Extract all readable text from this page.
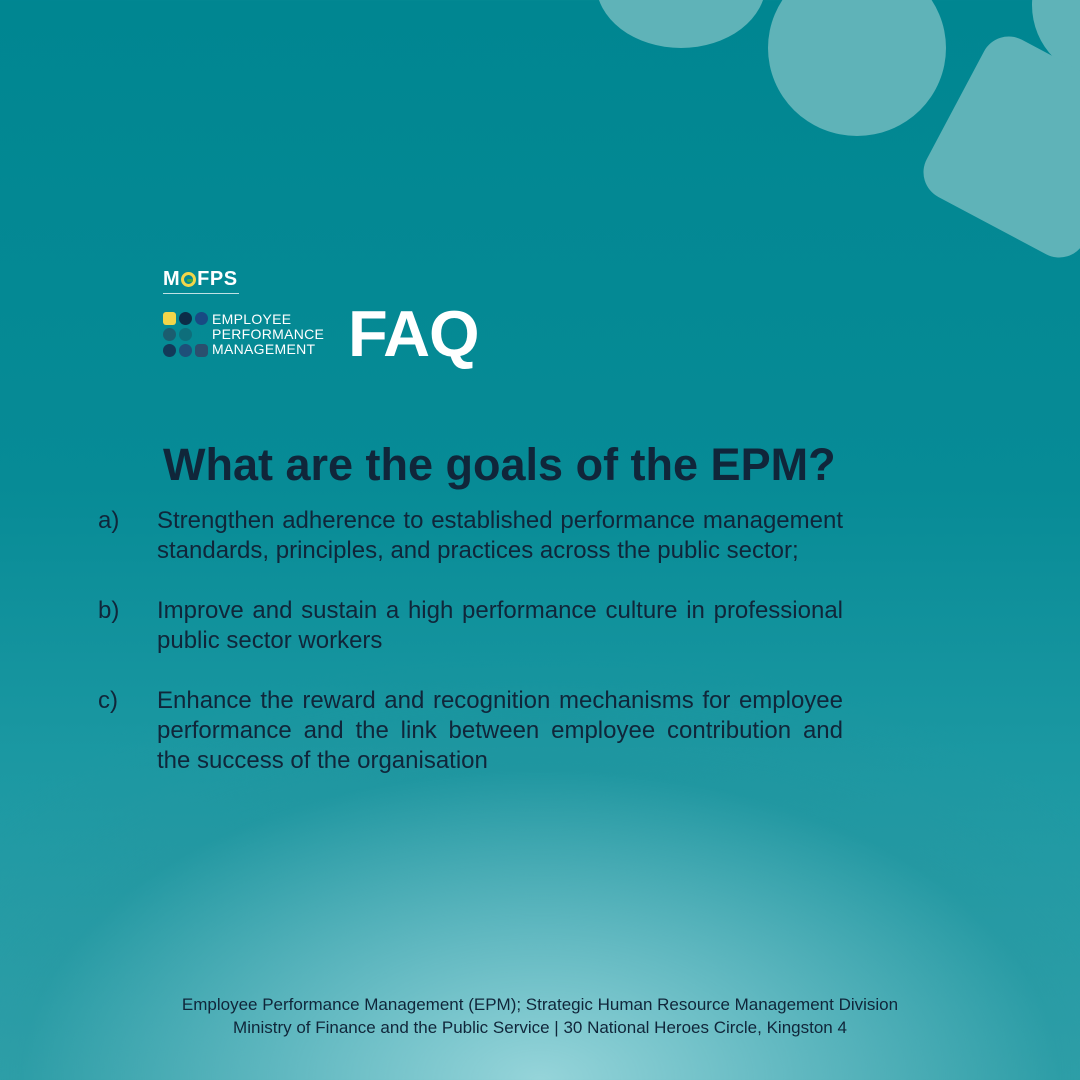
M FPS
EMPLOYEE
PERFORMANCE
MANAGEMENT FAQ
What are the goals of the EPM?
a)	Strengthen adherence to established performance management standards, principles, and practices across the public sector;
b)	Improve and sustain a high performance culture in professional public sector workers
c)	Enhance the reward and recognition mechanisms for employee performance and the link between employee contribution and the success of the organisation
Employee Performance Management (EPM); Strategic Human Resource Management Division
Ministry of Finance and the Public Service | 30 National Heroes Circle, Kingston 4
